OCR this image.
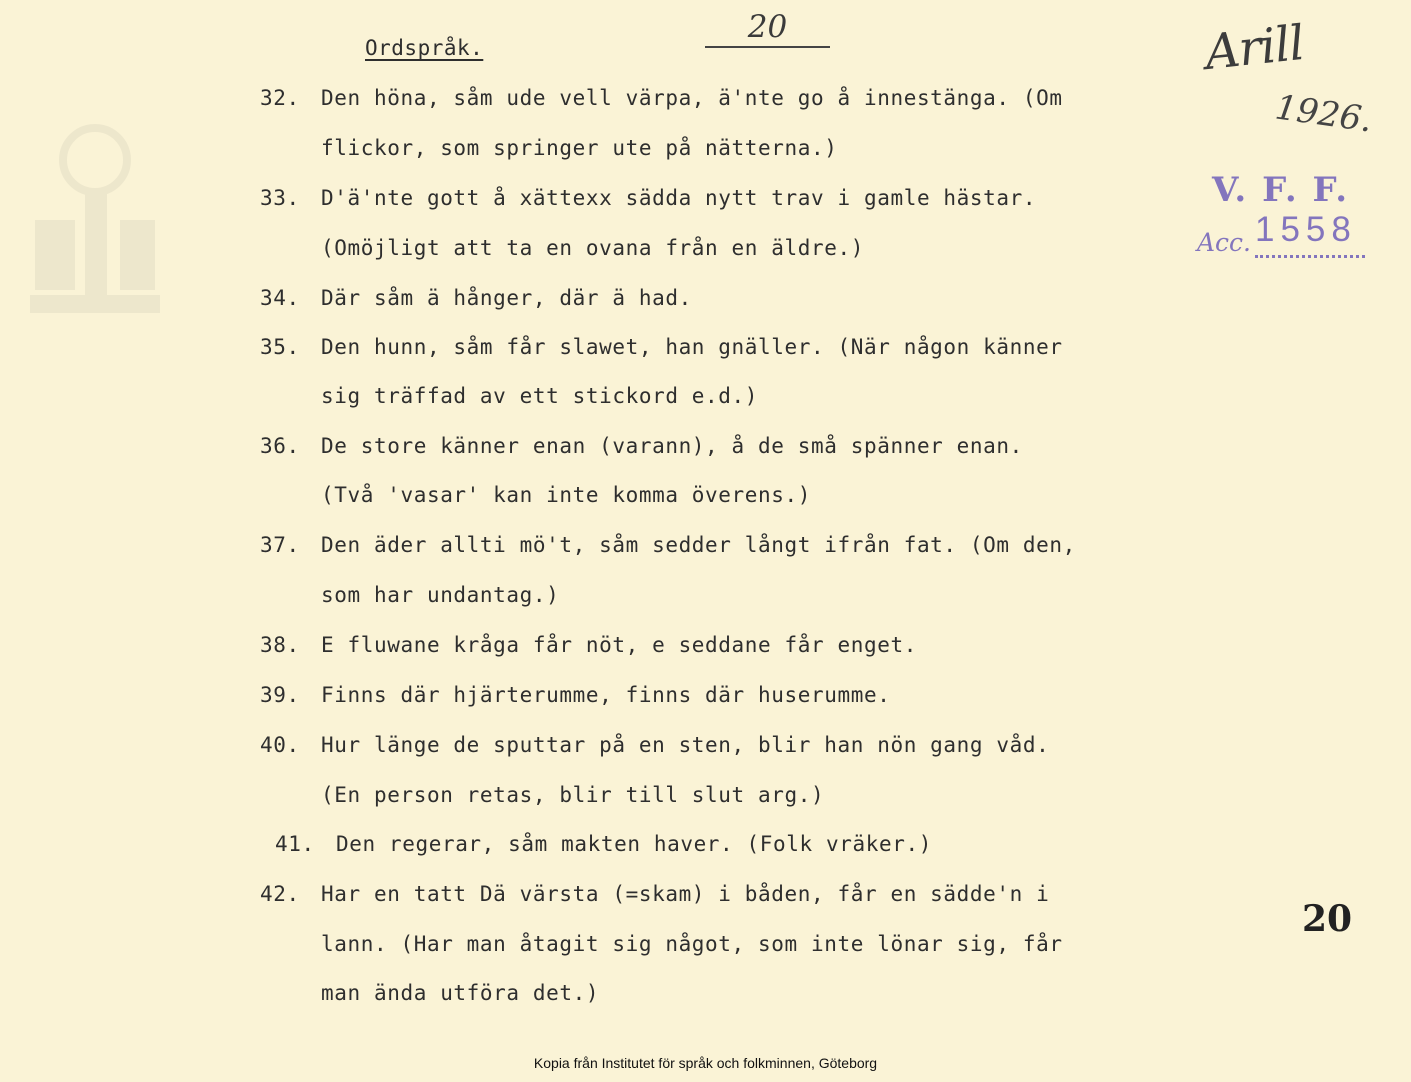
Ordspråk.
20	Arill
1926.
V. F. F.
Acc. 1558
32. Den höna, såm ude vell värpa, ä'nte go å innestänga. (Om
flickor, som springer ute på nätterna.)
33. D'ä'nte gott å xättexx sädda nytt trav i gamle hästar.
(Omöjligt att ta en ovana från en äldre.)
34. Där såm ä hånger, där ä had.
35. Den hunn, såm får slawet, han gnäller. (När någon känner
sig träffad av ett stickord e.d.)
36. De store känner enan (varann), å de små spänner enan.
(Två 'vasar' kan inte komma överens.)
37. Den äder allti mö't, såm sedder långt ifrån fat. (Om den,
som har undantag.)
38. E fluwane kråga får nöt, e seddane får enget.
39. Finns där hjärterumme, finns där huserumme.
40. Hur länge de sputtar på en sten, blir han nön gang våd.
(En person retas, blir till slut arg.)
41. Den regerar, såm makten haver. (Folk vräker.)
42. Har en tatt Dä värsta (=skam) i båden, får en sädde'n i
lann. (Har man åtagit sig något, som inte lönar sig, får
man ända utföra det.)
20
Kopia från Institutet för språk och folkminnen, Göteborg
